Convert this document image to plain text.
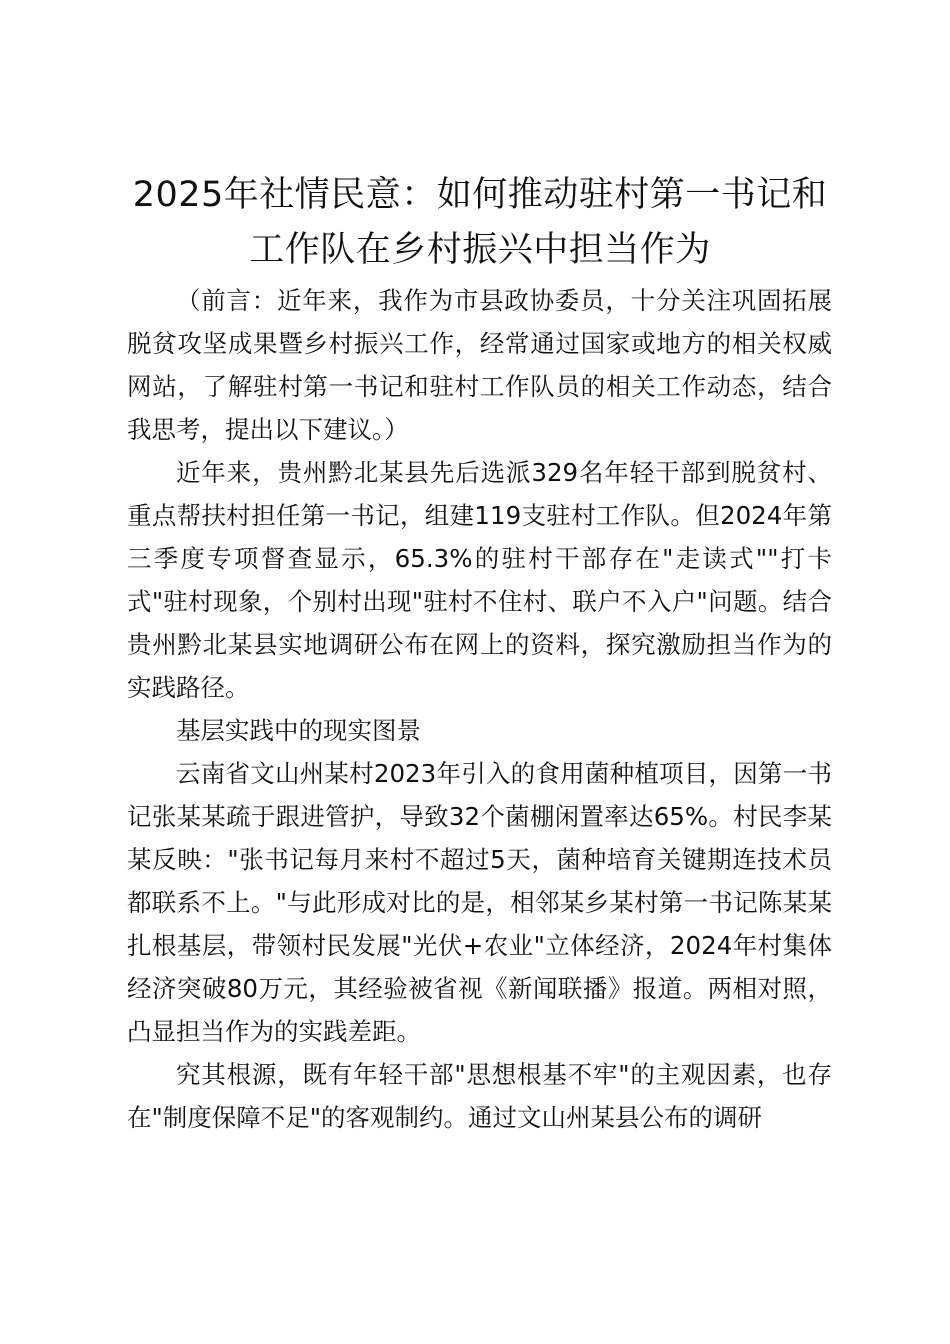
2025年社情民意：如何推动驻村第一书记和
工作队在乡村振兴中担当作为

（前言：近年来，我作为市县政协委员，十分关注巩固拓展脱贫攻坚成果暨乡村振兴工作，经常通过国家或地方的相关权威网站，了解驻村第一书记和驻村工作队员的相关工作动态，结合我思考，提出以下建议。）

近年来，贵州黔北某县先后选派329名年轻干部到脱贫村、重点帮扶村担任第一书记，组建119支驻村工作队。但2024年第三季度专项督查显示，65.3%的驻村干部存在"走读式""打卡式"驻村现象，个别村出现"驻村不住村、联户不入户"问题。结合贵州黔北某县实地调研公布在网上的资料，探究激励担当作为的实践路径。

基层实践中的现实图景

云南省文山州某村2023年引入的食用菌种植项目，因第一书记张某某疏于跟进管护，导致32个菌棚闲置率达65%。村民李某某反映："张书记每月来村不超过5天，菌种培育关键期连技术员都联系不上。"与此形成对比的是，相邻某乡某村第一书记陈某某扎根基层，带领村民发展"光伏+农业"立体经济，2024年村集体经济突破80万元，其经验被省视《新闻联播》报道。两相对照，凸显担当作为的实践差距。

究其根源，既有年轻干部"思想根基不牢"的主观因素，也存在"制度保障不足"的客观制约。通过文山州某县公布的调研
